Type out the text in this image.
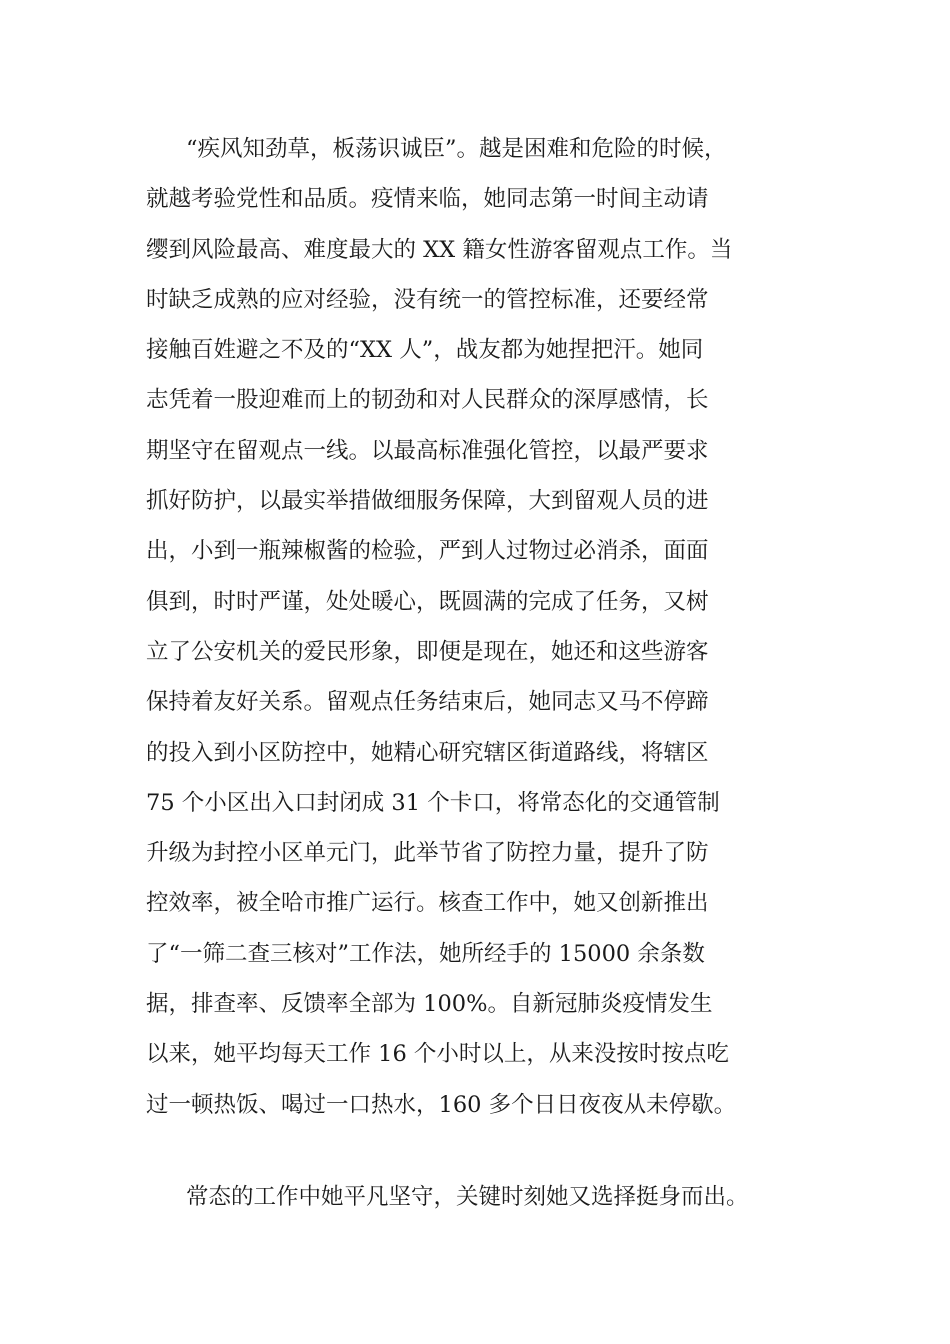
“疾风知劲草，板荡识诚臣”。越是困难和危险的时候，
就越考验党性和品质。疫情来临，她同志第一时间主动请
缨到风险最高、难度最大的 XX 籍女性游客留观点工作。当
时缺乏成熟的应对经验，没有统一的管控标准，还要经常
接触百姓避之不及的“XX 人”，战友都为她捏把汗。她同
志凭着一股迎难而上的韧劲和对人民群众的深厚感情，长
期坚守在留观点一线。以最高标准强化管控，以最严要求
抓好防护，以最实举措做细服务保障，大到留观人员的进
出，小到一瓶辣椒酱的检验，严到人过物过必消杀，面面
俱到，时时严谨，处处暖心，既圆满的完成了任务，又树
立了公安机关的爱民形象，即便是现在，她还和这些游客
保持着友好关系。留观点任务结束后，她同志又马不停蹄
的投入到小区防控中，她精心研究辖区街道路线，将辖区
75 个小区出入口封闭成 31 个卡口，将常态化的交通管制
升级为封控小区单元门，此举节省了防控力量，提升了防
控效率，被全哈市推广运行。核查工作中，她又创新推出
了“一筛二查三核对”工作法，她所经手的 15000 余条数
据，排查率、反馈率全部为 100%。自新冠肺炎疫情发生
以来，她平均每天工作 16 个小时以上，从来没按时按点吃
过一顿热饭、喝过一口热水，160 多个日日夜夜从未停歇。
常态的工作中她平凡坚守，关键时刻她又选择挺身而出。
